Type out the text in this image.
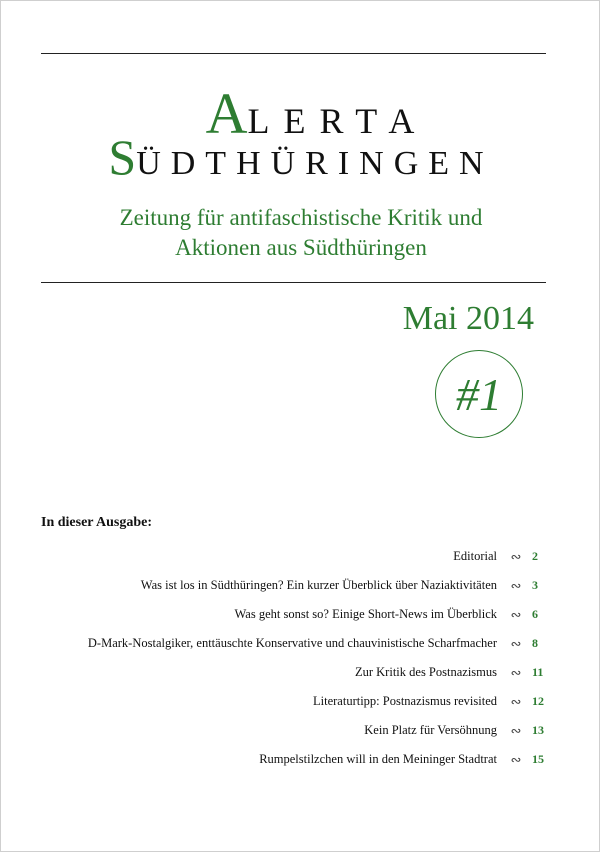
ALERTA
SÜDTHÜRINGEN
Zeitung für antifaschistische Kritik und
Aktionen aus Südthüringen
Mai 2014
#1
In dieser Ausgabe:
Editorial ∾ 2
Was ist los in Südthüringen? Ein kurzer Überblick über Naziaktivitäten ∾ 3
Was geht sonst so? Einige Short-News im Überblick ∾ 6
D-Mark-Nostalgiker, enttäuschte Konservative und chauvinistische Scharfmacher ∾ 8
Zur Kritik des Postnazismus ∾ 11
Literaturtipp: Postnazismus revisited ∾ 12
Kein Platz für Versöhnung ∾ 13
Rumpelstilzchen will in den Meininger Stadtrat ∾ 15
